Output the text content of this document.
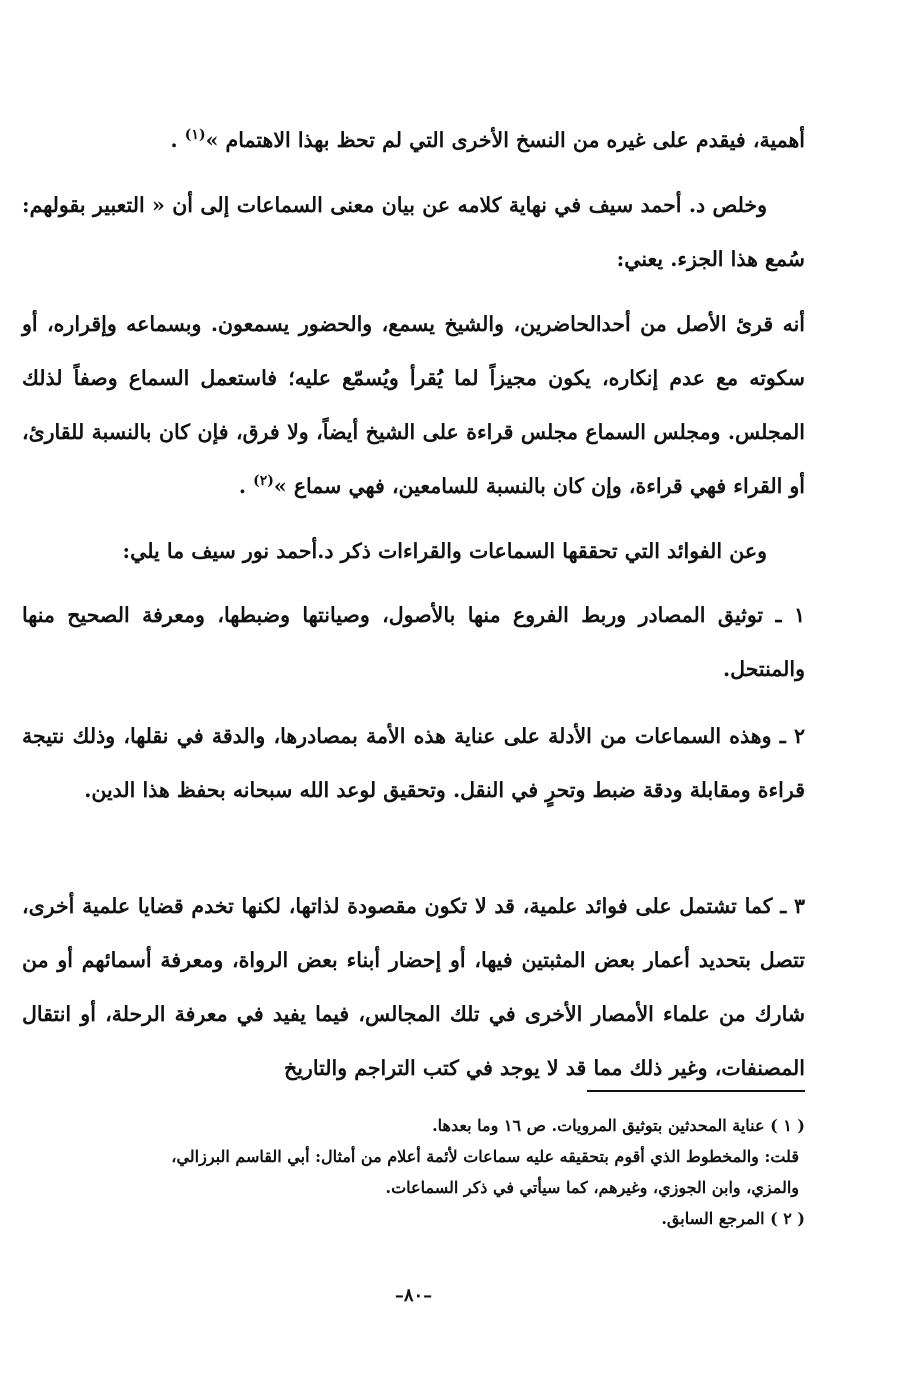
أهمية، فيقدم على غيره من النسخ الأخرى التي لم تحظ بهذا الاهتمام »$^{(١)}$ .

وخلص د. أحمد سيف في نهاية كلامه عن بيان معنى السماعات إلى أن « التعبير بقولهم: سُمع هذا الجزء. يعني:

أنه قرئ الأصل من أحدالحاضرين، والشيخ يسمع، والحضور يسمعون. وبسماعه وإقراره، أو سكوته مع عدم إنكاره، يكون مجيزاً لما يُقرأ ويُسمّع عليه؛ فاستعمل السماع وصفاً لذلك المجلس. ومجلس السماع مجلس قراءة على الشيخ أيضاً، ولا فرق، فإن كان بالنسبة للقارئ، أو القراء فهي قراءة، وإن كان بالنسبة للسامعين، فهي سماع »$^{(٢)}$ .

وعن الفوائد التي تحققها السماعات والقراءات ذكر د.أحمد نور سيف ما يلي:

١ ـ توثيق المصادر وربط الفروع منها بالأصول، وصيانتها وضبطها، ومعرفة الصحيح منها والمنتحل.

٢ ـ وهذه السماعات من الأدلة على عناية هذه الأمة بمصادرها، والدقة في نقلها، وذلك نتيجة قراءة ومقابلة ودقة ضبط وتحرٍ في النقل. وتحقيق لوعد الله سبحانه بحفظ هذا الدين.

٣ ـ كما تشتمل على فوائد علمية، قد لا تكون مقصودة لذاتها، لكنها تخدم قضايا علمية أخرى، تتصل بتحديد أعمار بعض المثبتين فيها، أو إحضار أبناء بعض الرواة، ومعرفة أسمائهم أو من شارك من علماء الأمصار الأخرى في تلك المجالس، فيما يفيد في معرفة الرحلة، أو انتقال المصنفات، وغير ذلك مما قد لا يوجد في كتب التراجم والتاريخ

( ١ ) عناية المحدثين بتوثيق المرويات. ص ١٦ وما بعدها.

قلت: والمخطوط الذي أقوم بتحقيقه عليه سماعات لأئمة أعلام من أمثال: أبي القاسم البرزالي،

والمزي، وابن الجوزي، وغيرهم، كما سيأتي في ذكر السماعات.

( ٢ ) المرجع السابق.

–٨٠–
